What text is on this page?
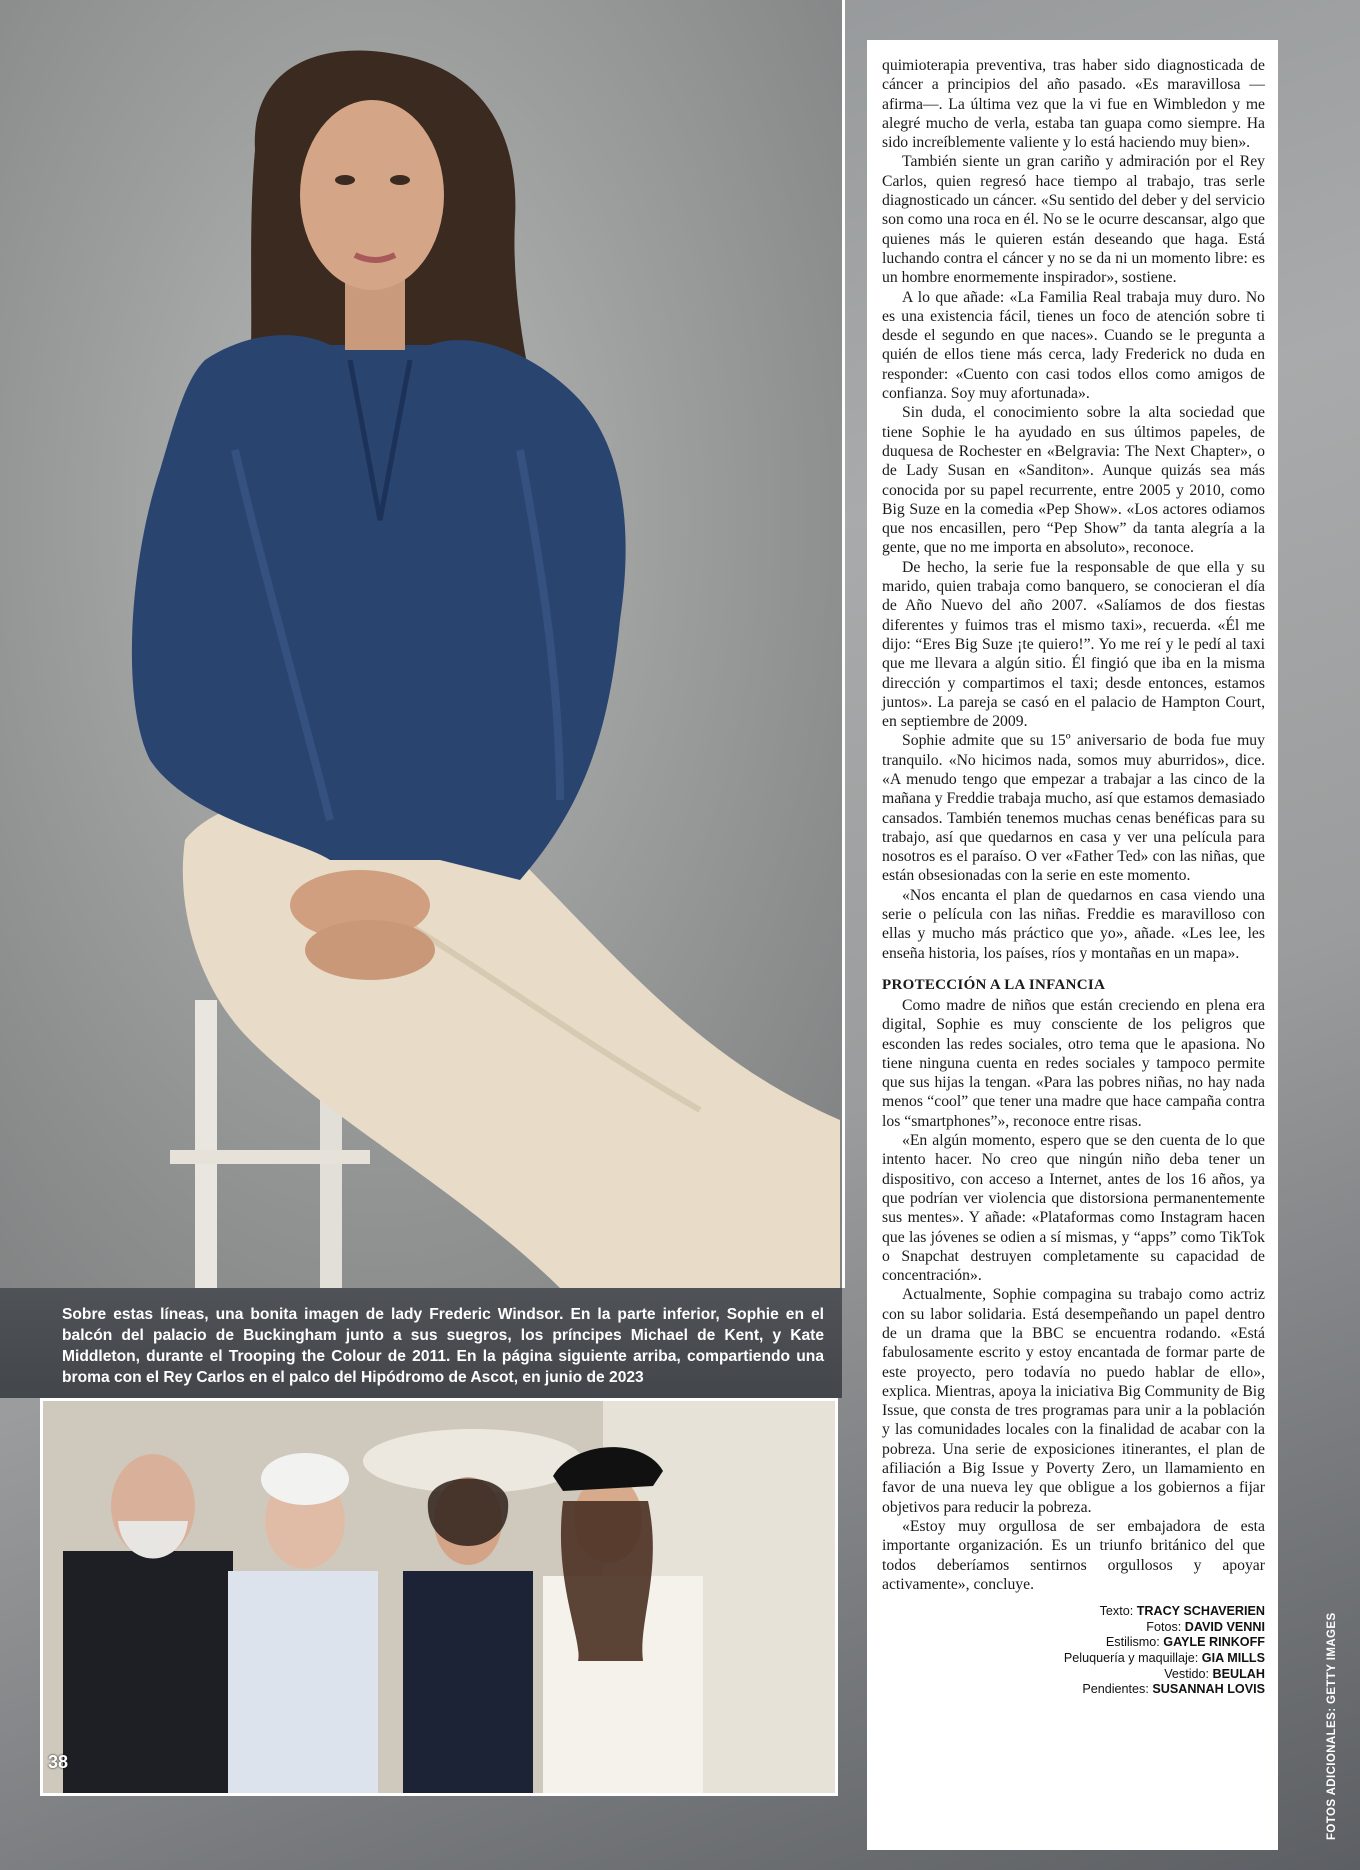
Sobre estas líneas, una bonita imagen de lady Frederic Windsor. En la parte inferior, Sophie en el balcón del palacio de Buckingham junto a sus suegros, los príncipes Michael de Kent, y Kate Middleton, durante el Trooping the Colour de 2011. En la página siguiente arriba, compartiendo una broma con el Rey Carlos en el palco del Hipódromo de Ascot, en junio de 2023
38

quimioterapia preventiva, tras haber sido diagnosticada de cáncer a principios del año pasado. «Es maravillosa —afirma—. La última vez que la vi fue en Wimbledon y me alegré mucho de verla, estaba tan guapa como siempre. Ha sido increíblemente valiente y lo está haciendo muy bien».

También siente un gran cariño y admiración por el Rey Carlos, quien regresó hace tiempo al trabajo, tras serle diagnosticado un cáncer. «Su sentido del deber y del servicio son como una roca en él. No se le ocurre descansar, algo que quienes más le quieren están deseando que haga. Está luchando contra el cáncer y no se da ni un momento libre: es un hombre enormemente inspirador», sostiene.

A lo que añade: «La Familia Real trabaja muy duro. No es una existencia fácil, tienes un foco de atención sobre ti desde el segundo en que naces». Cuando se le pregunta a quién de ellos tiene más cerca, lady Frederick no duda en responder: «Cuento con casi todos ellos como amigos de confianza. Soy muy afortunada».

Sin duda, el conocimiento sobre la alta sociedad que tiene Sophie le ha ayudado en sus últimos papeles, de duquesa de Rochester en «Belgravia: The Next Chapter», o de Lady Susan en «Sanditon». Aunque quizás sea más conocida por su papel recurrente, entre 2005 y 2010, como Big Suze en la comedia «Pep Show». «Los actores odiamos que nos encasillen, pero “Pep Show” da tanta alegría a la gente, que no me importa en absoluto», reconoce.

De hecho, la serie fue la responsable de que ella y su marido, quien trabaja como banquero, se conocieran el día de Año Nuevo del año 2007. «Salíamos de dos fiestas diferentes y fuimos tras el mismo taxi», recuerda. «Él me dijo: “Eres Big Suze ¡te quiero!”. Yo me reí y le pedí al taxi que me llevara a algún sitio. Él fingió que iba en la misma dirección y compartimos el taxi; desde entonces, estamos juntos». La pareja se casó en el palacio de Hampton Court, en septiembre de 2009.

Sophie admite que su 15º aniversario de boda fue muy tranquilo. «No hicimos nada, somos muy aburridos», dice. «A menudo tengo que empezar a trabajar a las cinco de la mañana y Freddie trabaja mucho, así que estamos demasiado cansados. También tenemos muchas cenas benéficas para su trabajo, así que quedarnos en casa y ver una película para nosotros es el paraíso. O ver «Father Ted» con las niñas, que están obsesionadas con la serie en este momento.

«Nos encanta el plan de quedarnos en casa viendo una serie o película con las niñas. Freddie es maravilloso con ellas y mucho más práctico que yo», añade. «Les lee, les enseña historia, los países, ríos y montañas en un mapa».

PROTECCIÓN A LA INFANCIA

Como madre de niños que están creciendo en plena era digital, Sophie es muy consciente de los peligros que esconden las redes sociales, otro tema que le apasiona. No tiene ninguna cuenta en redes sociales y tampoco permite que sus hijas la tengan. «Para las pobres niñas, no hay nada menos “cool” que tener una madre que hace campaña contra los “smartphones”», reconoce entre risas.

«En algún momento, espero que se den cuenta de lo que intento hacer. No creo que ningún niño deba tener un dispositivo, con acceso a Internet, antes de los 16 años, ya que podrían ver violencia que distorsiona permanentemente sus mentes». Y añade: «Plataformas como Instagram hacen que las jóvenes se odien a sí mismas, y “apps” como TikTok o Snapchat destruyen completamente su capacidad de concentración».

Actualmente, Sophie compagina su trabajo como actriz con su labor solidaria. Está desempeñando un papel dentro de un drama que la BBC se encuentra rodando. «Está fabulosamente escrito y estoy encantada de formar parte de este proyecto, pero todavía no puedo hablar de ello», explica. Mientras, apoya la iniciativa Big Community de Big Issue, que consta de tres programas para unir a la población y las comunidades locales con la finalidad de acabar con la pobreza. Una serie de exposiciones itinerantes, el plan de afiliación a Big Issue y Poverty Zero, un llamamiento en favor de una nueva ley que obligue a los gobiernos a fijar objetivos para reducir la pobreza.

«Estoy muy orgullosa de ser embajadora de esta importante organización. Es un triunfo británico del que todos deberíamos sentirnos orgullosos y apoyar activamente», concluye.

Texto: TRACY SCHAVERIEN
Fotos: DAVID VENNI
Estilismo: GAYLE RINKOFF
Peluquería y maquillaje: GIA MILLS
Vestido: BEULAH
Pendientes: SUSANNAH LOVIS	FOTOS ADICIONALES: GETTY IMAGES
